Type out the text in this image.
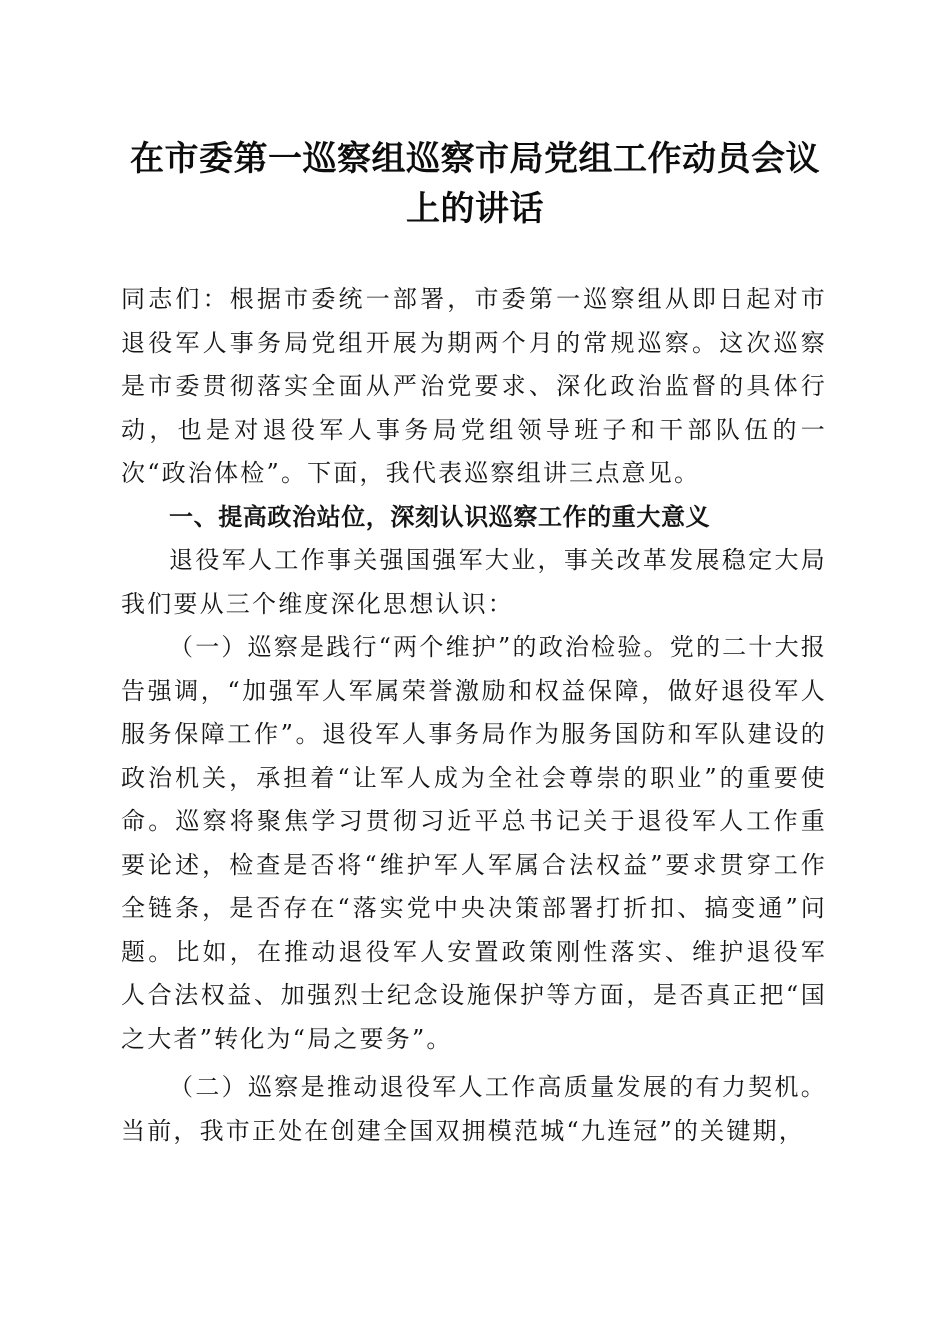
在市委第一巡察组巡察市局党组工作动员会议
上的讲话

同志们：根据市委统一部署，市委第一巡察组从即日起对市退役军人事务局党组开展为期两个月的常规巡察。这次巡察是市委贯彻落实全面从严治党要求、深化政治监督的具体行动，也是对退役军人事务局党组领导班子和干部队伍的一次“政治体检”。下面，我代表巡察组讲三点意见。

一、提高政治站位，深刻认识巡察工作的重大意义

退役军人工作事关强国强军大业，事关改革发展稳定大局我们要从三个维度深化思想认识：

（一）巡察是践行“两个维护”的政治检验。党的二十大报告强调，“加强军人军属荣誉激励和权益保障，做好退役军人服务保障工作”。退役军人事务局作为服务国防和军队建设的政治机关，承担着“让军人成为全社会尊崇的职业”的重要使命。巡察将聚焦学习贯彻习近平总书记关于退役军人工作重要论述，检查是否将“维护军人军属合法权益”要求贯穿工作全链条，是否存在“落实党中央决策部署打折扣、搞变通”问题。比如，在推动退役军人安置政策刚性落实、维护退役军人合法权益、加强烈士纪念设施保护等方面，是否真正把“国之大者”转化为“局之要务”。

（二）巡察是推动退役军人工作高质量发展的有力契机。当前，我市正处在创建全国双拥模范城“九连冠”的关键期，
